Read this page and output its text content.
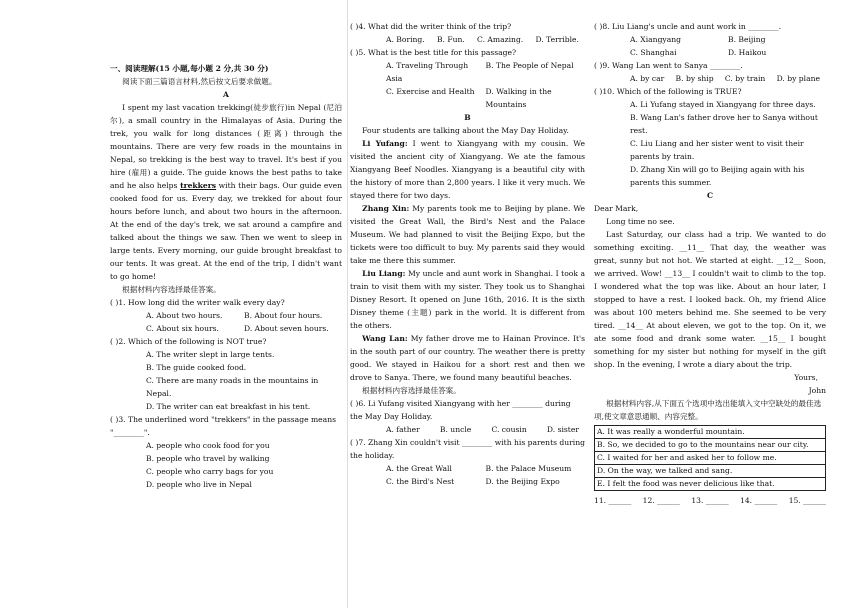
一、阅读理解(15 小题,每小题 2 分,共 30 分)

阅读下面三篇语言材料,然后按文后要求做题。

A

I spent my last vacation trekking(徒步旅行)in Nepal (尼泊尔), a small country in the Himalayas of Asia. During the trek, you walk for long distances (距离) through the mountains. There are very few roads in the mountains in Nepal, so trekking is the best way to travel. It's best if you hire (雇用) a guide. The guide knows the best paths to take and he also helps trekkers with their bags. Our guide even cooked food for us. Every day, we trekked for about four hours before lunch, and about two hours in the afternoon. At the end of the day's trek, we sat around a campfire and talked about the things we saw. Then we went to sleep in large tents. Every morning, our guide brought breakfast to our tents. It was great. At the end of the trip, I didn't want to go home!

根据材料内容选择最佳答案。

( )1. How long did the writer walk every day?

A. About two hours.	B. About four hours.
C. About six hours.	D. About seven hours.

( )2. Which of the following is NOT true?

A. The writer slept in large tents.

B. The guide cooked food.

C. There are many roads in the mountains in Nepal.

D. The writer can eat breakfast in his tent.

( )3. The underlined word "trekkers" in the passage means "________".

A. people who cook food for you

B. people who travel by walking

C. people who carry bags for you

D. people who live in Nepal

( )4. What did the writer think of the trip?

A. Boring. B. Fun. C. Amazing. D. Terrible.

( )5. What is the best title for this passage?

A. Traveling Through Asia
B. The People of Nepal
C. Exercise and Health	D. Walking in the Mountains

B

Four students are talking about the May Day Holiday.

Li Yufang: I went to Xiangyang with my cousin. We visited the ancient city of Xiangyang. We ate the famous Xiangyang Beef Noodles. Xiangyang is a beautiful city with the history of more than 2,800 years. I like it very much. We stayed there for two days.

Zhang Xin: My parents took me to Beijing by plane. We visited the Great Wall, the Bird's Nest and the Palace Museum. We had planned to visit the Beijing Expo, but the tickets were too difficult to buy. My parents said they would take me there this summer.

Liu Liang: My uncle and aunt work in Shanghai. I took a train to visit them with my sister. They took us to Shanghai Disney Resort. It opened on June 16th, 2016. It is the sixth Disney theme (主题) park in the world. It is different from the others.

Wang Lan: My father drove me to Hainan Province. It's in the south part of our country. The weather there is pretty good. We stayed in Haikou for a short rest and then we drove to Sanya. There, we found many beautiful beaches.

根据材料内容选择最佳答案。

( )6. Li Yufang visited Xiangyang with her ________ during the May Day Holiday.

A. father	B. uncle	C. cousin	D. sister

( )7. Zhang Xin couldn't visit ________ with his parents during the holiday.

A. the Great Wall	B. the Palace Museum
C. the Bird's Nest	D. the Beijing Expo

( )8. Liu Liang's uncle and aunt work in ________.

A. Xiangyang	B. Beijing
C. Shanghai	D. Haikou

( )9. Wang Lan went to Sanya ________.

A. by car B. by ship C. by train D. by plane

( )10. Which of the following is TRUE?

A. Li Yufang stayed in Xiangyang for three days.

B. Wang Lan's father drove her to Sanya without rest.

C. Liu Liang and her sister went to visit their parents by train.

D. Zhang Xin will go to Beijing again with his parents this summer.

C

Dear Mark,

Long time no see.

Last Saturday, our class had a trip. We wanted to do something exciting. __11__ That day, the weather was great, sunny but not hot. We started at eight. __12__ Soon, we arrived. Wow! __13__ I couldn't wait to climb to the top. I wondered what the top was like. About an hour later, I stopped to have a rest. I looked back. Oh, my friend Alice was about 100 meters behind me. She seemed to be very tired. __14__ At about eleven, we got to the top. On it, we ate some food and drank some water. __15__ I bought something for my sister but nothing for myself in the gift shop. In the evening, I wrote a diary about the trip.

Yours,

John

根据材料内容,从下面五个选项中选出能填入文中空缺处的最佳选项,使文章意思通顺、内容完整。

A. It was really a wonderful mountain.
B. So, we decided to go to the mountains near our city.
C. I waited for her and asked her to follow me.
D. On the way, we talked and sang.
E. I felt the food was never delicious like that.
11. ______ 12. ______ 13. ______ 14. ______ 15. ______
